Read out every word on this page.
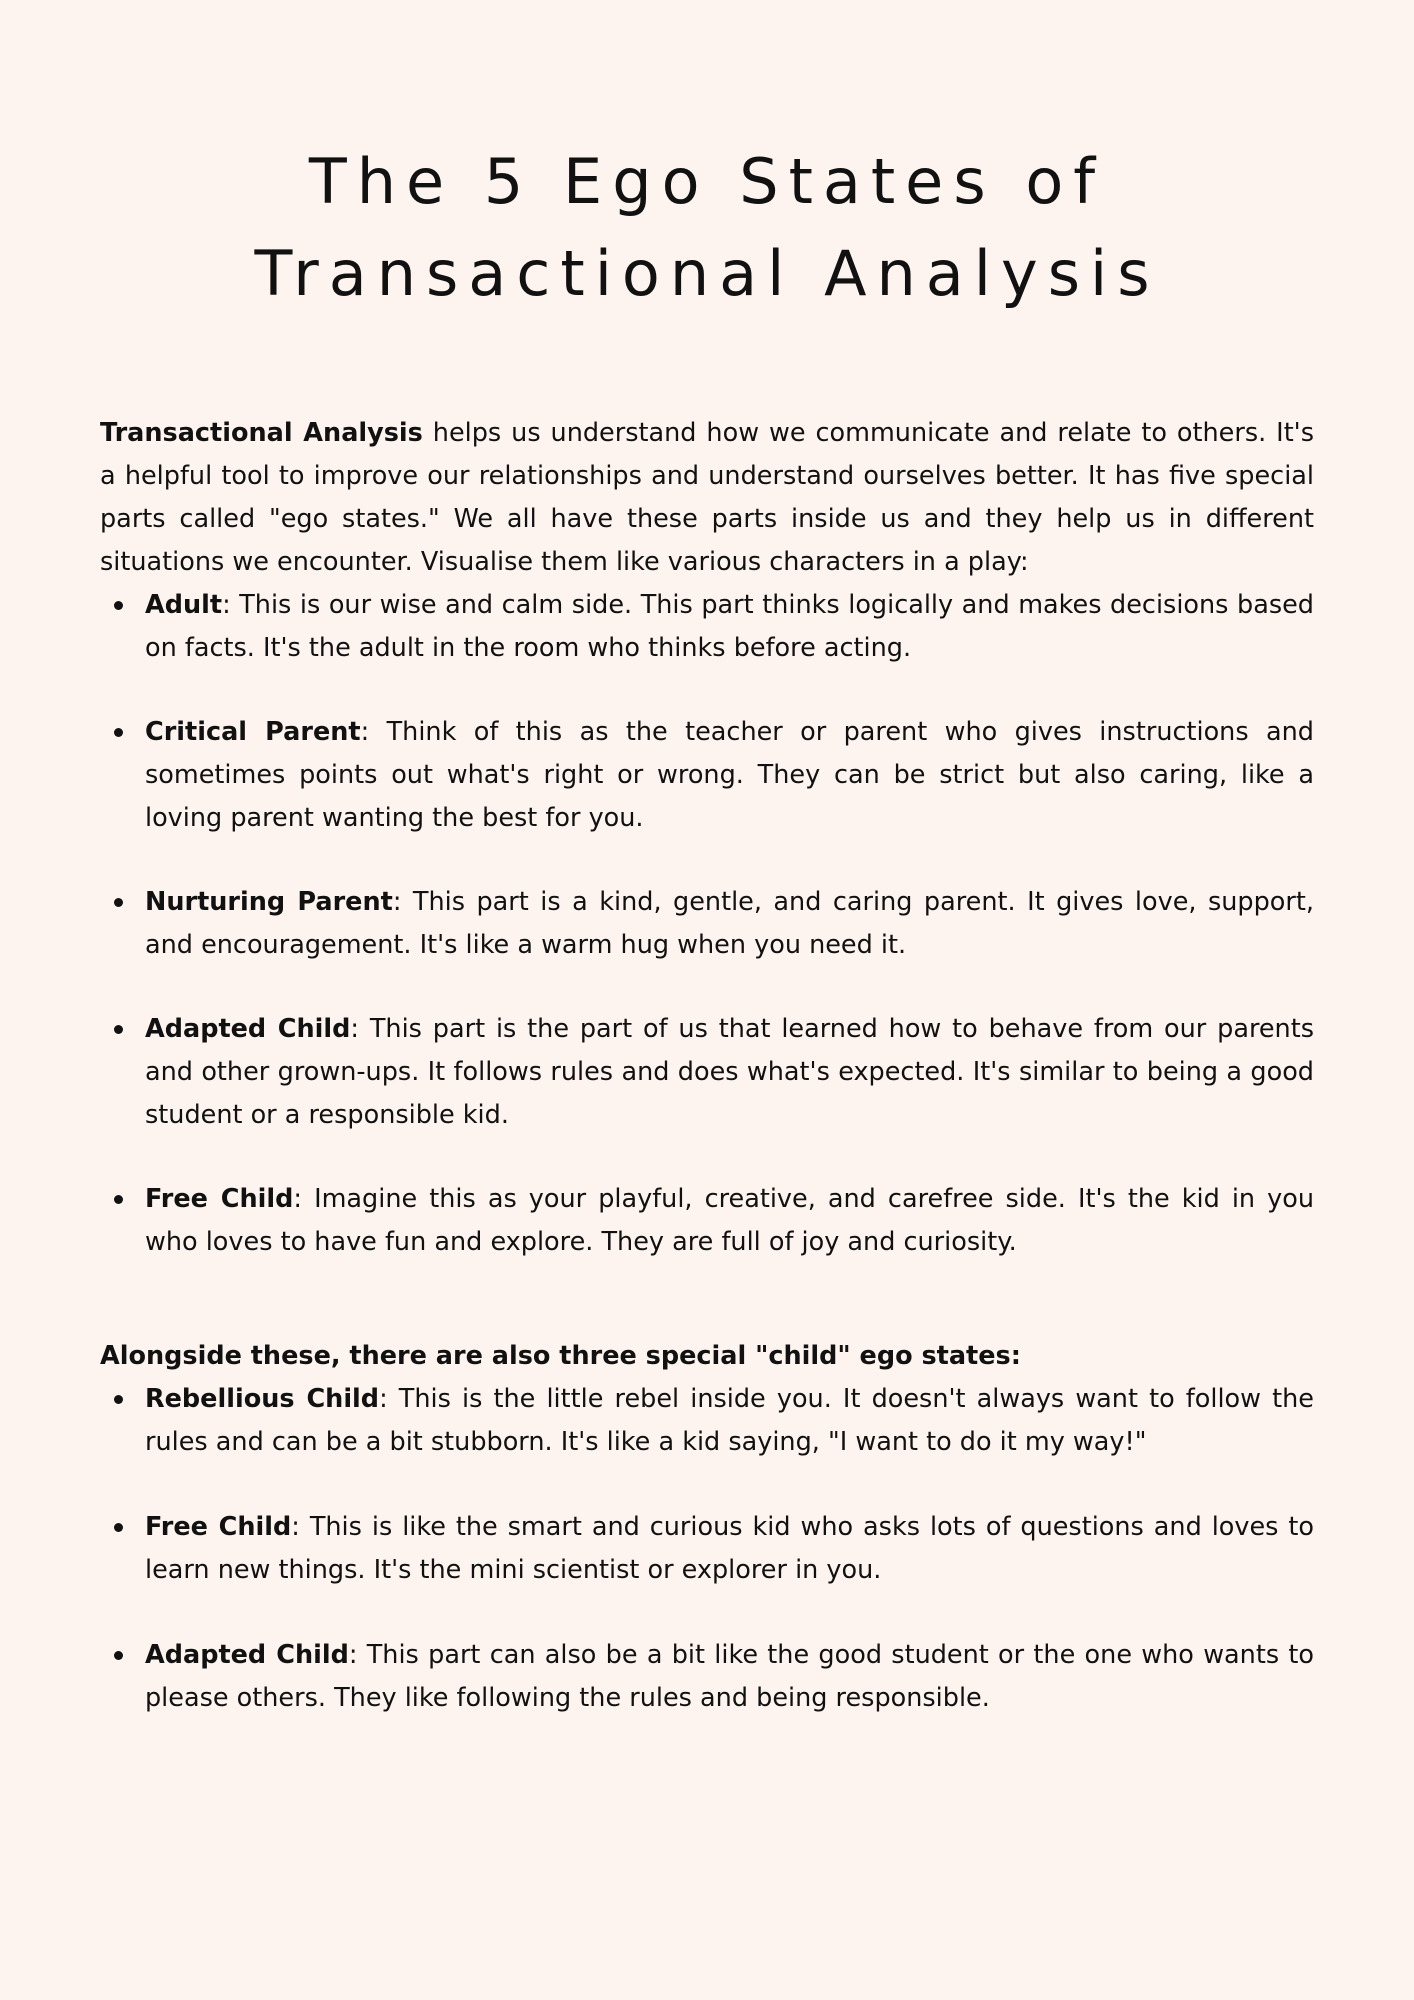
The 5 Ego States of
Transactional Analysis

Transactional Analysis helps us understand how we communicate and relate to others. It's a helpful tool to improve our relationships and understand ourselves better. It has five special parts called "ego states." We all have these parts inside us and they help us in different situations we encounter. Visualise them like various characters in a play:

Adult: This is our wise and calm side. This part thinks logically and makes decisions based on facts. It's the adult in the room who thinks before acting.
Critical Parent: Think of this as the teacher or parent who gives instructions and sometimes points out what's right or wrong. They can be strict but also caring, like a loving parent wanting the best for you.
Nurturing Parent: This part is a kind, gentle, and caring parent. It gives love, support, and encouragement. It's like a warm hug when you need it.
Adapted Child: This part is the part of us that learned how to behave from our parents and other grown-ups. It follows rules and does what's expected. It's similar to being a good student or a responsible kid.
Free Child: Imagine this as your playful, creative, and carefree side. It's the kid in you who loves to have fun and explore. They are full of joy and curiosity.

Alongside these, there are also three special "child" ego states:

Rebellious Child: This is the little rebel inside you. It doesn't always want to follow the rules and can be a bit stubborn. It's like a kid saying, "I want to do it my way!"
Free Child: This is like the smart and curious kid who asks lots of questions and loves to learn new things. It's the mini scientist or explorer in you.
Adapted Child: This part can also be a bit like the good student or the one who wants to please others. They like following the rules and being responsible.
